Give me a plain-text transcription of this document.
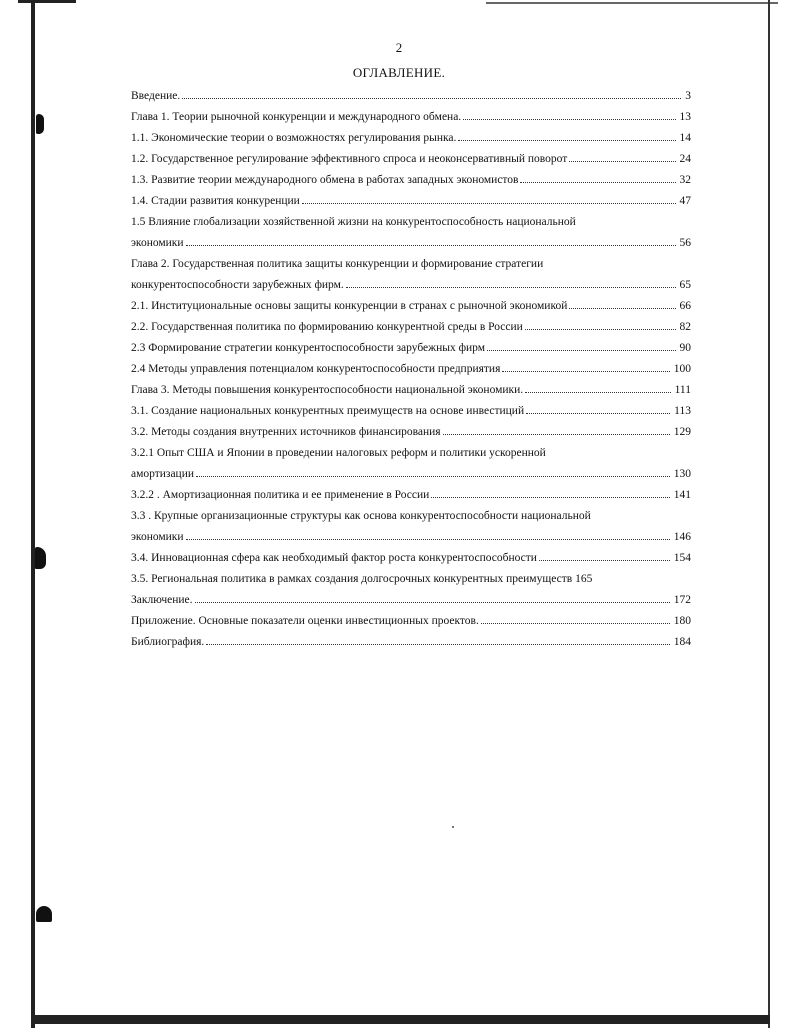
2
ОГЛАВЛЕНИЕ.
Введение.	3
Глава 1. Теории рыночной конкуренции и международного обмена.	13
1.1. Экономические теории о возможностях регулирования рынка.	14
1.2. Государственное регулирование эффективного спроса и неоконсервативный поворот	24
1.3. Развитие теории международного обмена в работах западных экономистов	32
1.4. Стадии развития конкуренции	47
1.5 Влияние глобализации хозяйственной жизни на конкурентоспособность национальной
экономики	56
Глава 2. Государственная политика защиты конкуренции и формирование стратегии
конкурентоспособности зарубежных фирм.	65
2.1. Институциональные основы защиты конкуренции в странах с рыночной экономикой	66
2.2. Государственная политика по формированию конкурентной среды в России	82
2.3 Формирование стратегии конкурентоспособности зарубежных фирм	90
2.4 Методы управления потенциалом конкурентоспособности предприятия	100
Глава 3. Методы повышения конкурентоспособности национальной экономики.	111
3.1. Создание национальных конкурентных преимуществ на основе инвестиций	113
3.2. Методы создания внутренних источников финансирования	129
3.2.1 Опыт США и Японии в проведении налоговых реформ и политики ускоренной
амортизации	130
3.2.2 . Амортизационная политика и ее применение в России	141
3.3 . Крупные организационные структуры как основа конкурентоспособности национальной
экономики	146
3.4. Инновационная сфера как необходимый фактор роста конкурентоспособности	154
3.5. Региональная политика в рамках создания долгосрочных конкурентных преимуществ 165
Заключение.	172
Приложение. Основные показатели оценки инвестиционных проектов.	180
Библиография.	184
